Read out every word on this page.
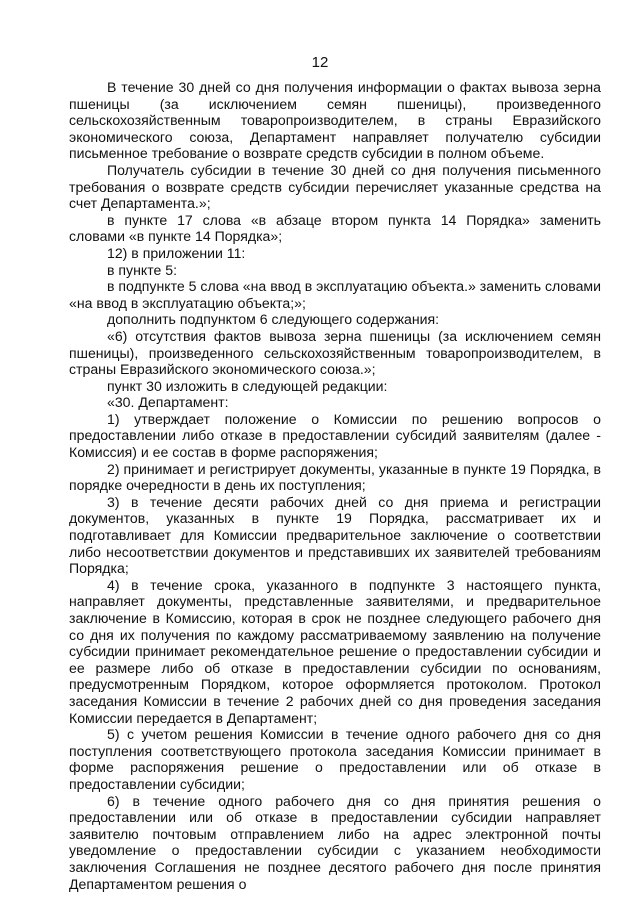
12

В течение 30 дней со дня получения информации о фактах вывоза зерна пшеницы (за исключением семян пшеницы), произведенного сельскохозяйственным товаропроизводителем, в страны Евразийского экономического союза, Департамент направляет получателю субсидии письменное требование о возврате средств субсидии в полном объеме.

Получатель субсидии в течение 30 дней со дня получения письменного требования о возврате средств субсидии перечисляет указанные средства на счет Департамента.»;

в пункте 17 слова «в абзаце втором пункта 14 Порядка» заменить словами «в пункте 14 Порядка»;

12) в приложении 11:

в пункте 5:

в подпункте 5 слова «на ввод в эксплуатацию объекта.» заменить словами «на ввод в эксплуатацию объекта;»;

дополнить подпунктом 6 следующего содержания:

«6) отсутствия фактов вывоза зерна пшеницы (за исключением семян пшеницы), произведенного сельскохозяйственным товаропроизводителем, в страны Евразийского экономического союза.»;

пункт 30 изложить в следующей редакции:

«30. Департамент:

1) утверждает положение о Комиссии по решению вопросов о предоставлении либо отказе в предоставлении субсидий заявителям (далее - Комиссия) и ее состав в форме распоряжения;

2) принимает и регистрирует документы, указанные в пункте 19 Порядка, в порядке очередности в день их поступления;

3) в течение десяти рабочих дней со дня приема и регистрации документов, указанных в пункте 19 Порядка, рассматривает их и подготавливает для Комиссии предварительное заключение о соответствии либо несоответствии документов и представивших их заявителей требованиям Порядка;

4) в течение срока, указанного в подпункте 3 настоящего пункта, направляет документы, представленные заявителями, и предварительное заключение в Комиссию, которая в срок не позднее следующего рабочего дня со дня их получения по каждому рассматриваемому заявлению на получение субсидии принимает рекомендательное решение о предоставлении субсидии и ее размере либо об отказе в предоставлении субсидии по основаниям, предусмотренным Порядком, которое оформляется протоколом. Протокол заседания Комиссии в течение 2 рабочих дней со дня проведения заседания Комиссии передается в Департамент;

5) с учетом решения Комиссии в течение одного рабочего дня со дня поступления соответствующего протокола заседания Комиссии принимает в форме распоряжения решение о предоставлении или об отказе в предоставлении субсидии;

6) в течение одного рабочего дня со дня принятия решения о предоставлении или об отказе в предоставлении субсидии направляет заявителю почтовым отправлением либо на адрес электронной почты уведомление о предоставлении субсидии с указанием необходимости заключения Соглашения не позднее десятого рабочего дня после принятия Департаментом решения о
